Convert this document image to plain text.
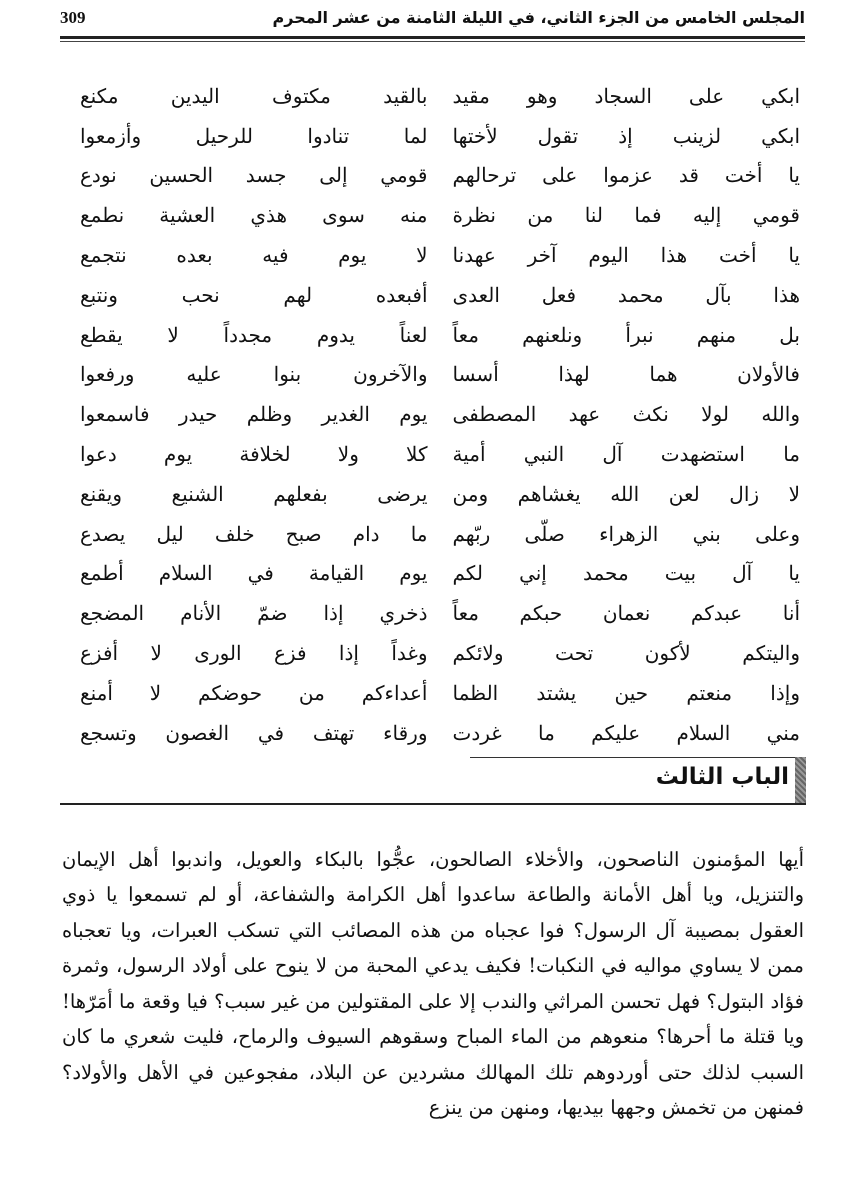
309	المجلس الخامس من الجزء الثاني، في الليلة الثامنة من عشر المحرم
ابكي على السجاد وهو مقيد
بالقيد مكتوف اليدين مكنع
ابكي لزينب إذ تقول لأختها
لما تنادوا للرحيل وأزمعوا
يا أخت قد عزموا على ترحالهم
قومي إلى جسد الحسين نودع
قومي إليه فما لنا من نظرة
منه سوى هذي العشية نطمع
يا أخت هذا اليوم آخر عهدنا
لا يوم فيه بعده نتجمع
هذا بآل محمد فعل العدى
أفبعده لهم نحب ونتبع
بل منهم نبرأ ونلعنهم معاً
لعناً يدوم مجدداً لا يقطع
فالأولان هما لهذا أسسا
والآخرون بنوا عليه ورفعوا
والله لولا نكث عهد المصطفى
يوم الغدير وظلم حيدر فاسمعوا
ما استضهدت آل النبي أمية
كلا ولا لخلافة يوم دعوا
لا زال لعن الله يغشاهم ومن
يرضى بفعلهم الشنيع ويقنع
وعلى بني الزهراء صلّى ربّهم
ما دام صبح خلف ليل يصدع
يا آل بيت محمد إني لكم
يوم القيامة في السلام أطمع
أنا عبدكم نعمان حبكم معاً
ذخري إذا ضمّ الأنام المضجع
واليتكم لأكون تحت ولائكم
وغداً إذا فزع الورى لا أفزع
وإذا منعتم حين يشتد الظما
أعداءكم من حوضكم لا أمنع
مني السلام عليكم ما غردت
ورقاء تهتف في الغصون وتسجع
الباب الثالث

أيها المؤمنون الناصحون، والأخلاء الصالحون، عجُّوا بالبكاء والعويل، واندبوا أهل الإيمان والتنزيل، ويا أهل الأمانة والطاعة ساعدوا أهل الكرامة والشفاعة، أو لم تسمعوا يا ذوي العقول بمصيبة آل الرسول؟ فوا عجباه من هذه المصائب التي تسكب العبرات، ويا تعجباه ممن لا يساوي مواليه في النكبات! فكيف يدعي المحبة من لا ينوح على أولاد الرسول، وثمرة فؤاد البتول؟ فهل تحسن المراثي والندب إلا على المقتولين من غير سبب؟ فيا وقعة ما أمَرّها! ويا قتلة ما أحرها؟ منعوهم من الماء المباح وسقوهم السيوف والرماح، فليت شعري ما كان السبب لذلك حتى أوردوهم تلك المهالك مشردين عن البلاد، مفجوعين في الأهل والأولاد؟ فمنهن من تخمش وجهها بيديها، ومنهن من ينزع
